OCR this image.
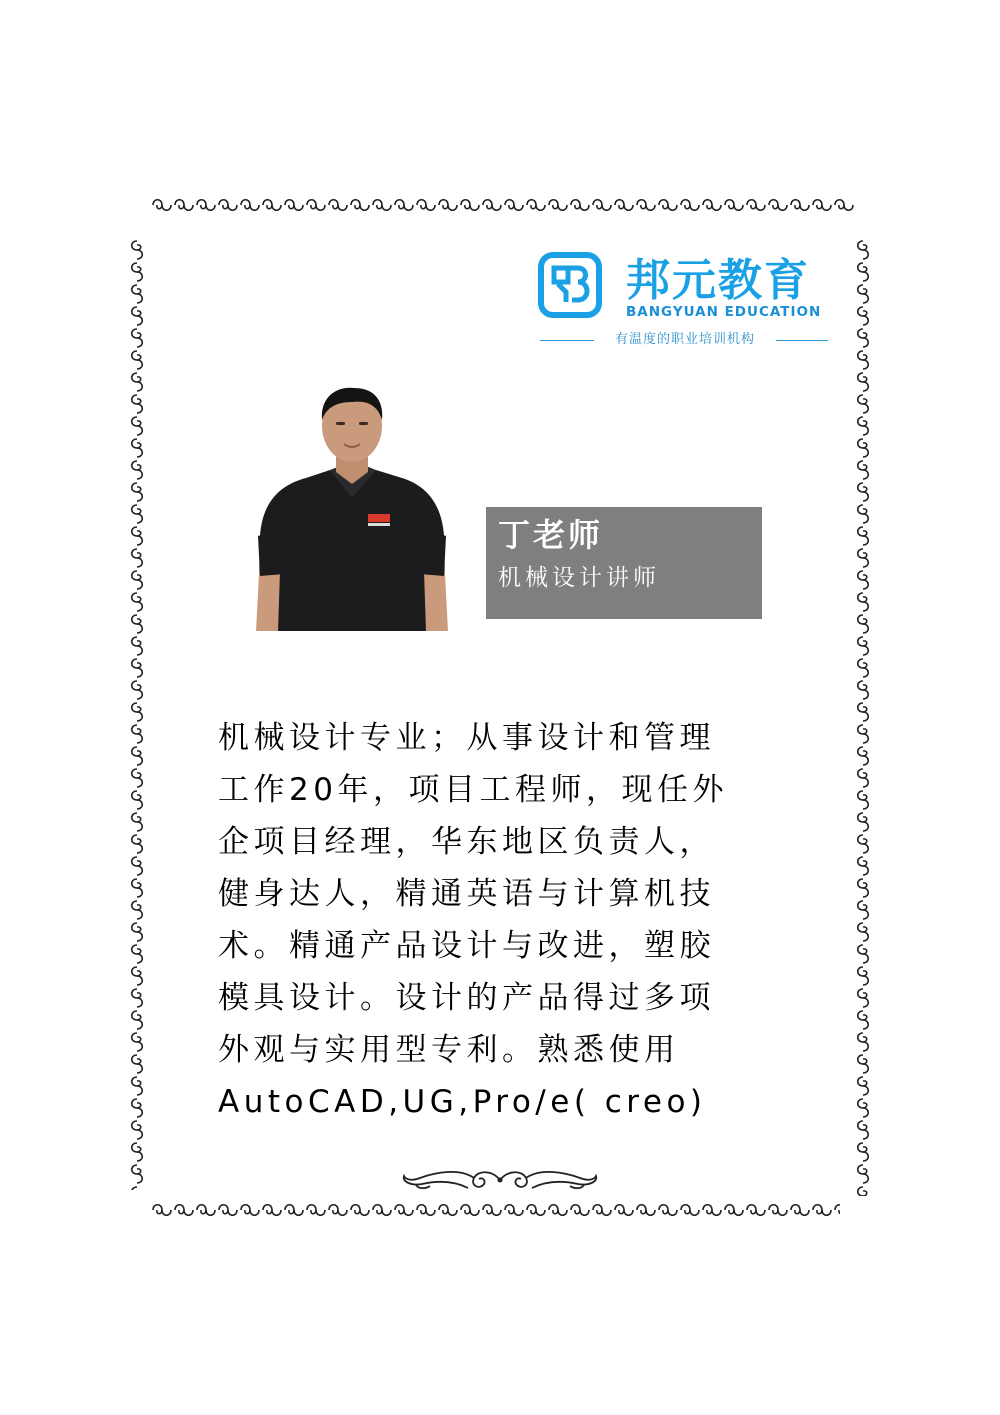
邦元教育
BANGYUAN EDUCATION
有温度的职业培训机构
丁老师
机械设计讲师
机械设计专业；从事设计和管理
工作20年，项目工程师，现任外
企项目经理，华东地区负责人，
健身达人，精通英语与计算机技
术。精通产品设计与改进，塑胶
模具设计。设计的产品得过多项
外观与实用型专利。熟悉使用
AutoCAD,UG,Pro/e( creo)
